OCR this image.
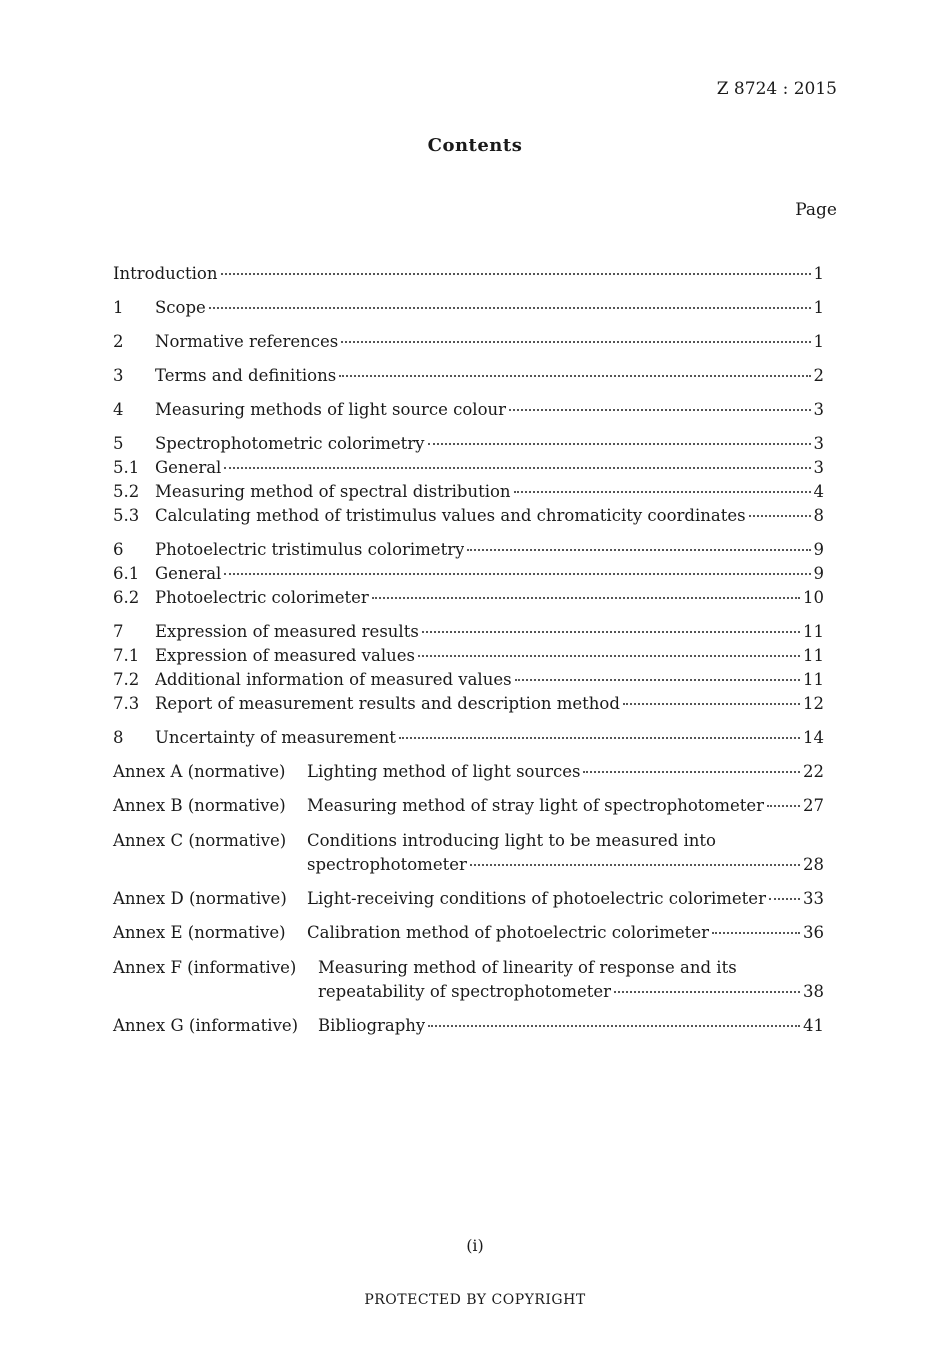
Z 8724 : 2015

Contents

Page

Introduction	1
1	Scope	1
2	Normative references	1
3	Terms and definitions	2
4	Measuring methods of light source colour	3
5	Spectrophotometric colorimetry	3
5.1 General	3
5.2 Measuring method of spectral distribution	4
5.3 Calculating method of tristimulus values and chromaticity coordinates	8
6	Photoelectric tristimulus colorimetry	9
6.1 General	9
6.2 Photoelectric colorimeter	10
7	Expression of measured results	11
7.1 Expression of measured values	11
7.2 Additional information of measured values	11
7.3 Report of measurement results and description method	12
8	Uncertainty of measurement	14
Annex A (normative)	Lighting method of light sources	22
Annex B (normative)	Measuring method of stray light of spectrophotometer 27
Annex C (normative) Conditions introducing light to be measured into
spectrophotometer	28
Annex D (normative)	Light-receiving conditions of photoelectric colorimeter 33
Annex E (normative)	Calibration method of photoelectric colorimeter	36
Annex F (informative) Measuring method of linearity of response and its
repeatability of spectrophotometer	38
Annex G (informative)	Bibliography	41

(i)

PROTECTED BY COPYRIGHT
